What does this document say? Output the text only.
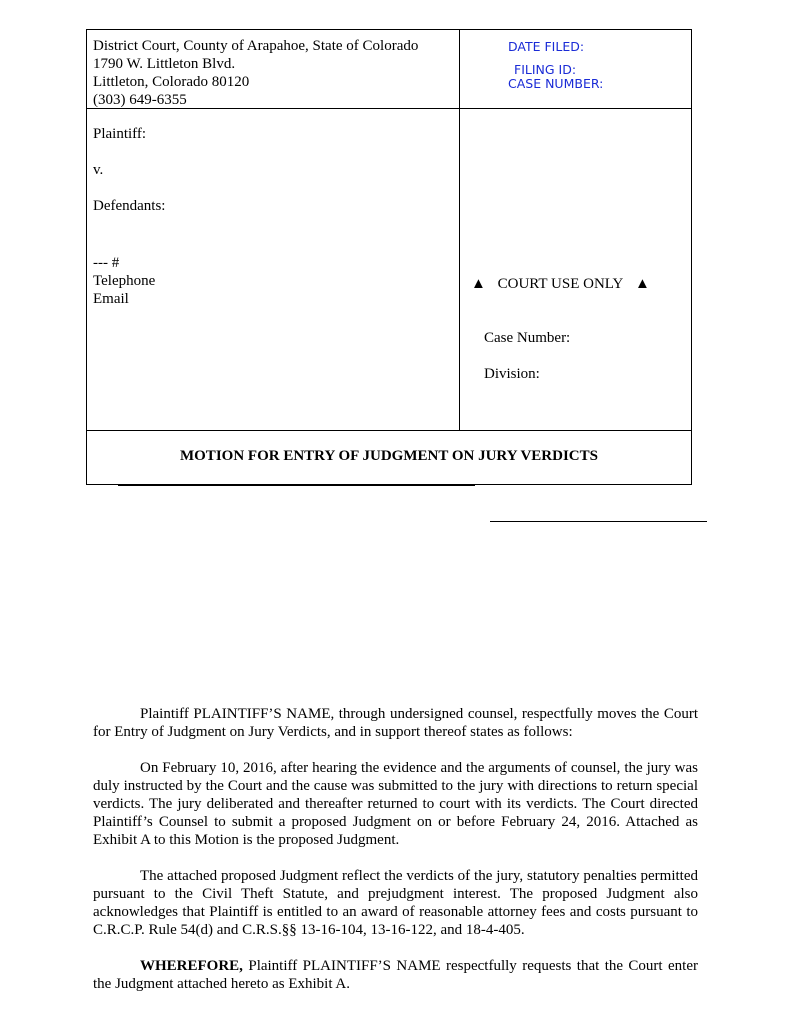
District Court, County of Arapahoe, State of Colorado
1790 W. Littleton Blvd.
Littleton, Colorado 80120
(303) 649-6355
DATE FILED:
FILING ID:
CASE NUMBER:
Plaintiff:
v.
Defendants:
--- #
Telephone
Email
▲ COURT USE ONLY ▲
Case Number:
Division:
MOTION FOR ENTRY OF JUDGMENT ON JURY VERDICTS

Plaintiff PLAINTIFF’S NAME, through undersigned counsel, respectfully moves the Court for Entry of Judgment on Jury Verdicts, and in support thereof states as follows:

On February 10, 2016, after hearing the evidence and the arguments of counsel, the jury was duly instructed by the Court and the cause was submitted to the jury with directions to return special verdicts. The jury deliberated and thereafter returned to court with its verdicts. The Court directed Plaintiff’s Counsel to submit a proposed Judgment on or before February 24, 2016. Attached as Exhibit A to this Motion is the proposed Judgment.

The attached proposed Judgment reflect the verdicts of the jury, statutory penalties permitted pursuant to the Civil Theft Statute, and prejudgment interest. The proposed Judgment also acknowledges that Plaintiff is entitled to an award of reasonable attorney fees and costs pursuant to C.R.C.P. Rule 54(d) and C.R.S.§§ 13-16-104, 13-16-122, and 18-4-405.

WHEREFORE, Plaintiff PLAINTIFF’S NAME respectfully requests that the Court enter the Judgment attached hereto as Exhibit A.
